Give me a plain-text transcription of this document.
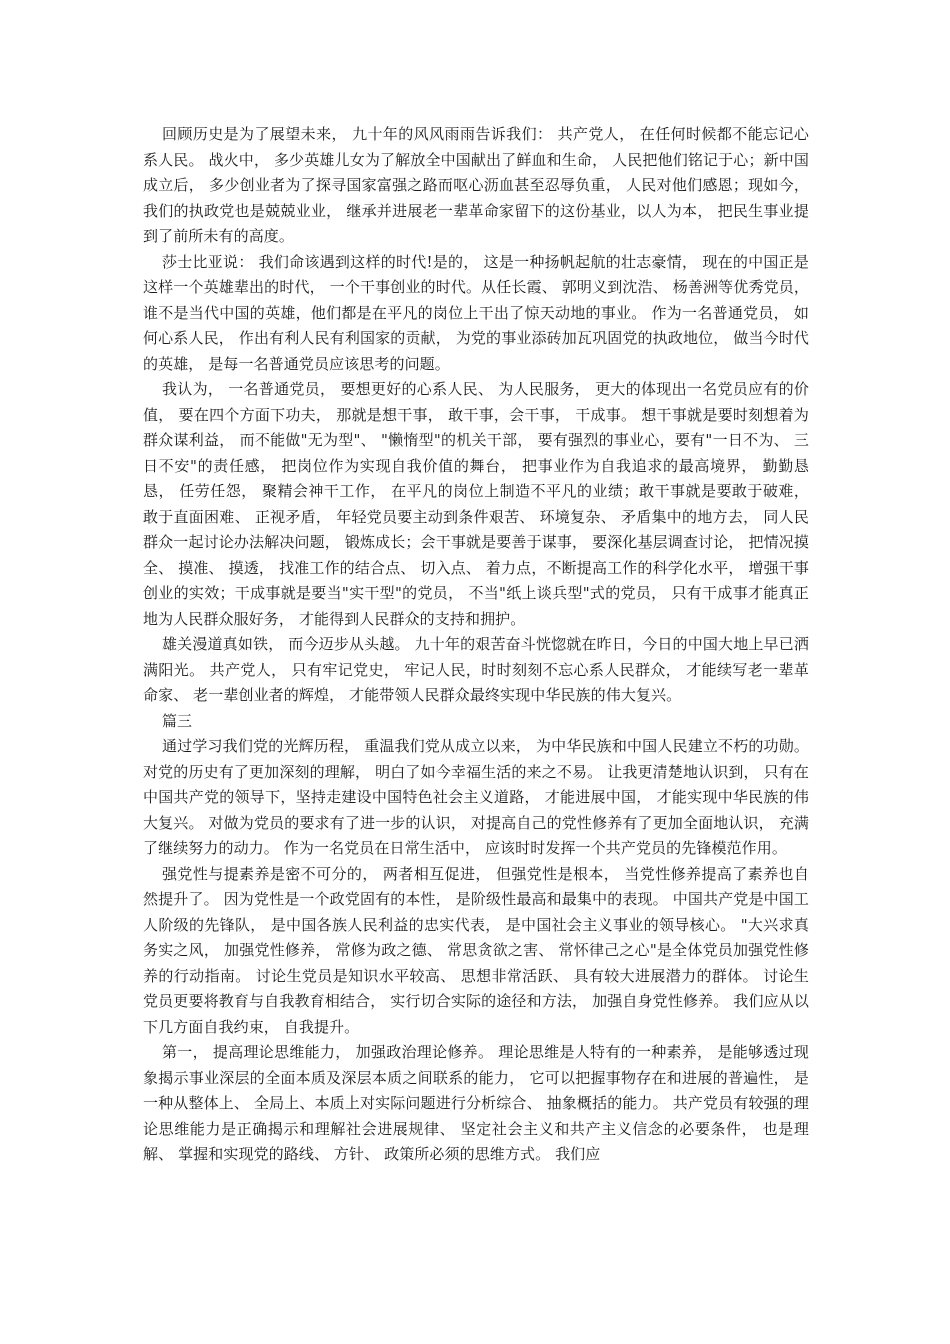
回顾历史是为了展望未来， 九十年的风风雨雨告诉我们： 共产党人， 在任何时候都不能忘记心系人民。 战火中， 多少英雄儿女为了解放全中国献出了鲜血和生命， 人民把他们铭记于心；新中国成立后， 多少创业者为了探寻国家富强之路而呕心沥血甚至忍辱负重， 人民对他们感恩；现如今，我们的执政党也是兢兢业业， 继承并进展老一辈革命家留下的这份基业，以人为本， 把民生事业提到了前所未有的高度。

莎士比亚说： 我们命该遇到这样的时代!是的， 这是一种扬帆起航的壮志豪情， 现在的中国正是这样一个英雄辈出的时代， 一个干事创业的时代。从任长霞、 郭明义到沈浩、 杨善洲等优秀党员， 谁不是当代中国的英雄，他们都是在平凡的岗位上干出了惊天动地的事业。 作为一名普通党员， 如何心系人民， 作出有利人民有利国家的贡献， 为党的事业添砖加瓦巩固党的执政地位， 做当今时代的英雄， 是每一名普通党员应该思考的问题。

我认为， 一名普通党员， 要想更好的心系人民、 为人民服务， 更大的体现出一名党员应有的价值， 要在四个方面下功夫， 那就是想干事， 敢干事，会干事， 干成事。 想干事就是要时刻想着为群众谋利益， 而不能做"无为型"、 "懒惰型"的机关干部， 要有强烈的事业心，要有"一日不为、 三日不安"的责任感， 把岗位作为实现自我价值的舞台， 把事业作为自我追求的最高境界， 勤勤恳恳， 任劳任怨， 聚精会神干工作， 在平凡的岗位上制造不平凡的业绩；敢干事就是要敢于破难， 敢于直面困难、 正视矛盾， 年轻党员要主动到条件艰苦、 环境复杂、 矛盾集中的地方去， 同人民群众一起讨论办法解决问题， 锻炼成长；会干事就是要善于谋事， 要深化基层调查讨论， 把情况摸全、 摸准、 摸透， 找准工作的结合点、 切入点、 着力点，不断提高工作的科学化水平， 增强干事创业的实效；干成事就是要当"实干型"的党员， 不当"纸上谈兵型"式的党员， 只有干成事才能真正地为人民群众服好务， 才能得到人民群众的支持和拥护。

雄关漫道真如铁， 而今迈步从头越。 九十年的艰苦奋斗恍惚就在昨日，今日的中国大地上早已洒满阳光。 共产党人， 只有牢记党史， 牢记人民，时时刻刻不忘心系人民群众， 才能续写老一辈革命家、 老一辈创业者的辉煌， 才能带领人民群众最终实现中华民族的伟大复兴。

篇三

通过学习我们党的光辉历程， 重温我们党从成立以来， 为中华民族和中国人民建立不朽的功勋。 对党的历史有了更加深刻的理解， 明白了如今幸福生活的来之不易。 让我更清楚地认识到， 只有在中国共产党的领导下，坚持走建设中国特色社会主义道路， 才能进展中国， 才能实现中华民族的伟大复兴。 对做为党员的要求有了进一步的认识， 对提高自己的党性修养有了更加全面地认识， 充满了继续努力的动力。 作为一名党员在日常生活中， 应该时时发挥一个共产党员的先锋模范作用。

强党性与提素养是密不可分的， 两者相互促进， 但强党性是根本， 当党性修养提高了素养也自然提升了。 因为党性是一个政党固有的本性， 是阶级性最高和最集中的表现。 中国共产党是中国工人阶级的先锋队， 是中国各族人民利益的忠实代表， 是中国社会主义事业的领导核心。 "大兴求真务实之风， 加强党性修养， 常修为政之德、 常思贪欲之害、 常怀律己之心"是全体党员加强党性修养的行动指南。 讨论生党员是知识水平较高、 思想非常活跃、 具有较大进展潜力的群体。 讨论生党员更要将教育与自我教育相结合， 实行切合实际的途径和方法， 加强自身党性修养。 我们应从以下几方面自我约束， 自我提升。

第一， 提高理论思维能力， 加强政治理论修养。 理论思维是人特有的一种素养， 是能够透过现象揭示事业深层的全面本质及深层本质之间联系的能力， 它可以把握事物存在和进展的普遍性， 是一种从整体上、 全局上、本质上对实际问题进行分析综合、 抽象概括的能力。 共产党员有较强的理论思维能力是正确揭示和理解社会进展规律、 坚定社会主义和共产主义信念的必要条件， 也是理解、 掌握和实现党的路线、 方针、 政策所必须的思维方式。 我们应
